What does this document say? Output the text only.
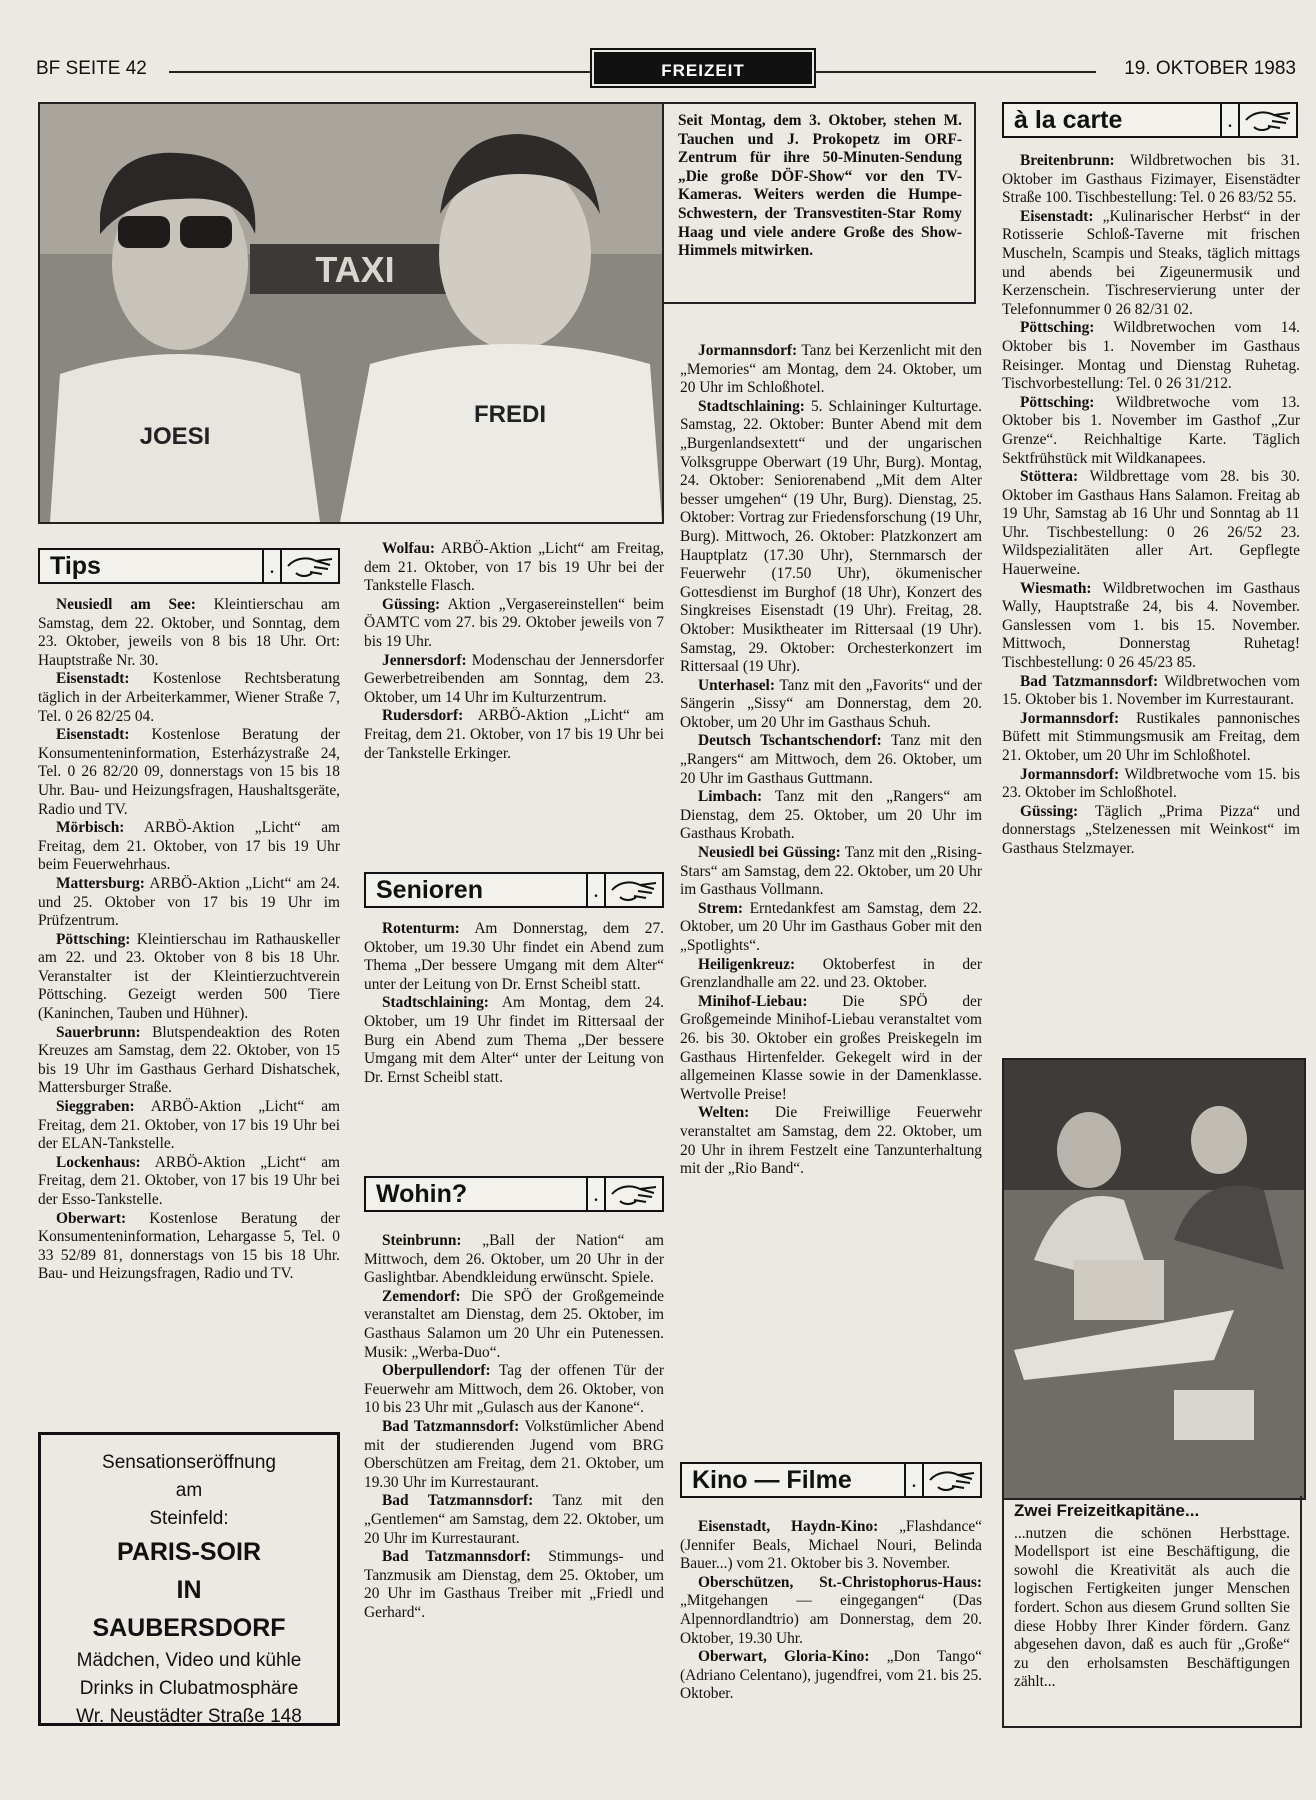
BF SEITE 42	FREIZEIT	19. OKTOBER 1983
TAXI
JOESI
FREDI
Seit Montag, dem 3. Oktober, stehen M. Tauchen und J. Prokopetz im ORF-Zentrum für ihre 50-Minuten-Sendung „Die große DÖF-Show“ vor den TV-Kameras. Weiters werden die Humpe-Schwestern, der Transvestiten-Star Romy Haag und viele andere Große des Show-Himmels mitwirken.
Tips	.

Neusiedl am See: Kleintierschau am Samstag, dem 22. Oktober, und Sonntag, dem 23. Oktober, jeweils von 8 bis 18 Uhr. Ort: Hauptstraße Nr. 30.

Eisenstadt: Kostenlose Rechtsberatung täglich in der Arbeiterkammer, Wiener Straße 7, Tel. 0 26 82/25 04.

Eisenstadt: Kostenlose Beratung der Konsumenteninformation, Esterházystraße 24, Tel. 0 26 82/20 09, donnerstags von 15 bis 18 Uhr. Bau- und Heizungsfragen, Haushaltsgeräte, Radio und TV.

Mörbisch: ARBÖ-Aktion „Licht“ am Freitag, dem 21. Oktober, von 17 bis 19 Uhr beim Feuerwehrhaus.

Mattersburg: ARBÖ-Aktion „Licht“ am 24. und 25. Oktober von 17 bis 19 Uhr im Prüfzentrum.

Pöttsching: Kleintierschau im Rathauskeller am 22. und 23. Oktober von 8 bis 18 Uhr. Veranstalter ist der Kleintierzuchtverein Pöttsching. Gezeigt werden 500 Tiere (Kaninchen, Tauben und Hühner).

Sauerbrunn: Blutspendeaktion des Roten Kreuzes am Samstag, dem 22. Oktober, von 15 bis 19 Uhr im Gasthaus Gerhard Dishatschek, Mattersburger Straße.

Sieggraben: ARBÖ-Aktion „Licht“ am Freitag, dem 21. Oktober, von 17 bis 19 Uhr bei der ELAN-Tankstelle.

Lockenhaus: ARBÖ-Aktion „Licht“ am Freitag, dem 21. Oktober, von 17 bis 19 Uhr bei der Esso-Tankstelle.

Oberwart: Kostenlose Beratung der Konsumenteninformation, Lehargasse 5, Tel. 0 33 52/89 81, donnerstags von 15 bis 18 Uhr. Bau- und Heizungsfragen, Radio und TV.

Sensationseröffnung
am
Steinfeld:
PARIS-SOIR
IN
SAUBERSDORF
Mädchen, Video und kühle
Drinks in Clubatmosphäre
Wr. Neustädter Straße 148

Wolfau: ARBÖ-Aktion „Licht“ am Freitag, dem 21. Oktober, von 17 bis 19 Uhr bei der Tankstelle Flasch.

Güssing: Aktion „Vergasereinstellen“ beim ÖAMTC vom 27. bis 29. Oktober jeweils von 7 bis 19 Uhr.

Jennersdorf: Modenschau der Jennersdorfer Gewerbetreibenden am Sonntag, dem 23. Oktober, um 14 Uhr im Kulturzentrum.

Rudersdorf: ARBÖ-Aktion „Licht“ am Freitag, dem 21. Oktober, von 17 bis 19 Uhr bei der Tankstelle Erkinger.

Senioren	.

Rotenturm: Am Donnerstag, dem 27. Oktober, um 19.30 Uhr findet ein Abend zum Thema „Der bessere Umgang mit dem Alter“ unter der Leitung von Dr. Ernst Scheibl statt.

Stadtschlaining: Am Montag, dem 24. Oktober, um 19 Uhr findet im Rittersaal der Burg ein Abend zum Thema „Der bessere Umgang mit dem Alter“ unter der Leitung von Dr. Ernst Scheibl statt.

Wohin?	.

Steinbrunn: „Ball der Nation“ am Mittwoch, dem 26. Oktober, um 20 Uhr in der Gaslightbar. Abendkleidung erwünscht. Spiele.

Zemendorf: Die SPÖ der Großgemeinde veranstaltet am Dienstag, dem 25. Oktober, im Gasthaus Salamon um 20 Uhr ein Putenessen. Musik: „Werba-Duo“.

Oberpullendorf: Tag der offenen Tür der Feuerwehr am Mittwoch, dem 26. Oktober, von 10 bis 23 Uhr mit „Gulasch aus der Kanone“.

Bad Tatzmannsdorf: Volkstümlicher Abend mit der studierenden Jugend vom BRG Oberschützen am Freitag, dem 21. Oktober, um 19.30 Uhr im Kurrestaurant.

Bad Tatzmannsdorf: Tanz mit den „Gentlemen“ am Samstag, dem 22. Oktober, um 20 Uhr im Kurrestaurant.

Bad Tatzmannsdorf: Stimmungs- und Tanzmusik am Dienstag, dem 25. Oktober, um 20 Uhr im Gasthaus Treiber mit „Friedl und Gerhard“.

Jormannsdorf: Tanz bei Kerzenlicht mit den „Memories“ am Montag, dem 24. Oktober, um 20 Uhr im Schloßhotel.

Stadtschlaining: 5. Schlaininger Kulturtage. Samstag, 22. Oktober: Bunter Abend mit dem „Burgenlandsextett“ und der ungarischen Volksgruppe Oberwart (19 Uhr, Burg). Montag, 24. Oktober: Seniorenabend „Mit dem Alter besser umgehen“ (19 Uhr, Burg). Dienstag, 25. Oktober: Vortrag zur Friedensforschung (19 Uhr, Burg). Mittwoch, 26. Oktober: Platzkonzert am Hauptplatz (17.30 Uhr), Sternmarsch der Feuerwehr (17.50 Uhr), ökumenischer Gottesdienst im Burghof (18 Uhr), Konzert des Singkreises Eisenstadt (19 Uhr). Freitag, 28. Oktober: Musiktheater im Rittersaal (19 Uhr). Samstag, 29. Oktober: Orchesterkonzert im Rittersaal (19 Uhr).

Unterhasel: Tanz mit den „Favorits“ und der Sängerin „Sissy“ am Donnerstag, dem 20. Oktober, um 20 Uhr im Gasthaus Schuh.

Deutsch Tschantschendorf: Tanz mit den „Rangers“ am Mittwoch, dem 26. Oktober, um 20 Uhr im Gasthaus Guttmann.

Limbach: Tanz mit den „Rangers“ am Dienstag, dem 25. Oktober, um 20 Uhr im Gasthaus Krobath.

Neusiedl bei Güssing: Tanz mit den „Rising-Stars“ am Samstag, dem 22. Oktober, um 20 Uhr im Gasthaus Vollmann.

Strem: Erntedankfest am Samstag, dem 22. Oktober, um 20 Uhr im Gasthaus Gober mit den „Spotlights“.

Heiligenkreuz: Oktoberfest in der Grenzlandhalle am 22. und 23. Oktober.

Minihof-Liebau: Die SPÖ der Großgemeinde Minihof-Liebau veranstaltet vom 26. bis 30. Oktober ein großes Preiskegeln im Gasthaus Hirtenfelder. Gekegelt wird in der allgemeinen Klasse sowie in der Damenklasse. Wertvolle Preise!

Welten: Die Freiwillige Feuerwehr veranstaltet am Samstag, dem 22. Oktober, um 20 Uhr in ihrem Festzelt eine Tanzunterhaltung mit der „Rio Band“.

Kino — Filme	.

Eisenstadt, Haydn-Kino: „Flashdance“ (Jennifer Beals, Michael Nouri, Belinda Bauer...) vom 21. Oktober bis 3. November.

Oberschützen, St.-Christophorus-Haus: „Mitgehangen — eingegangen“ (Das Alpennordlandtrio) am Donnerstag, dem 20. Oktober, 19.30 Uhr.

Oberwart, Gloria-Kino: „Don Tango“ (Adriano Celentano), jugendfrei, vom 21. bis 25. Oktober.

à la carte	.

Breitenbrunn: Wildbretwochen bis 31. Oktober im Gasthaus Fizimayer, Eisenstädter Straße 100. Tischbestellung: Tel. 0 26 83/52 55.

Eisenstadt: „Kulinarischer Herbst“ in der Rotisserie Schloß-Taverne mit frischen Muscheln, Scampis und Steaks, täglich mittags und abends bei Zigeunermusik und Kerzenschein. Tischreservierung unter der Telefonnummer 0 26 82/31 02.

Pöttsching: Wildbretwochen vom 14. Oktober bis 1. November im Gasthaus Reisinger. Montag und Dienstag Ruhetag. Tischvorbestellung: Tel. 0 26 31/212.

Pöttsching: Wildbretwoche vom 13. Oktober bis 1. November im Gasthof „Zur Grenze“. Reichhaltige Karte. Täglich Sektfrühstück mit Wildkanapees.

Stöttera: Wildbrettage vom 28. bis 30. Oktober im Gasthaus Hans Salamon. Freitag ab 19 Uhr, Samstag ab 16 Uhr und Sonntag ab 11 Uhr. Tischbestellung: 0 26 26/52 23. Wildspezialitäten aller Art. Gepflegte Hauerweine.

Wiesmath: Wildbretwochen im Gasthaus Wally, Hauptstraße 24, bis 4. November. Ganslessen vom 1. bis 15. November. Mittwoch, Donnerstag Ruhetag! Tischbestellung: 0 26 45/23 85.

Bad Tatzmannsdorf: Wildbretwochen vom 15. Oktober bis 1. November im Kurrestaurant.

Jormannsdorf: Rustikales pannonisches Büfett mit Stimmungsmusik am Freitag, dem 21. Oktober, um 20 Uhr im Schloßhotel.

Jormannsdorf: Wildbretwoche vom 15. bis 23. Oktober im Schloßhotel.

Güssing: Täglich „Prima Pizza“ und donnerstags „Stelzenessen mit Weinkost“ im Gasthaus Stelzmayer.

Zwei Freizeitkapitäne...
...nutzen die schönen Herbsttage. Modellsport ist eine Beschäftigung, die sowohl die Kreativität als auch die logischen Fertigkeiten junger Menschen fordert. Schon aus diesem Grund sollten Sie diese Hobby Ihrer Kinder fördern. Ganz abgesehen davon, daß es auch für „Große“ zu den erholsamsten Beschäftigungen zählt...
